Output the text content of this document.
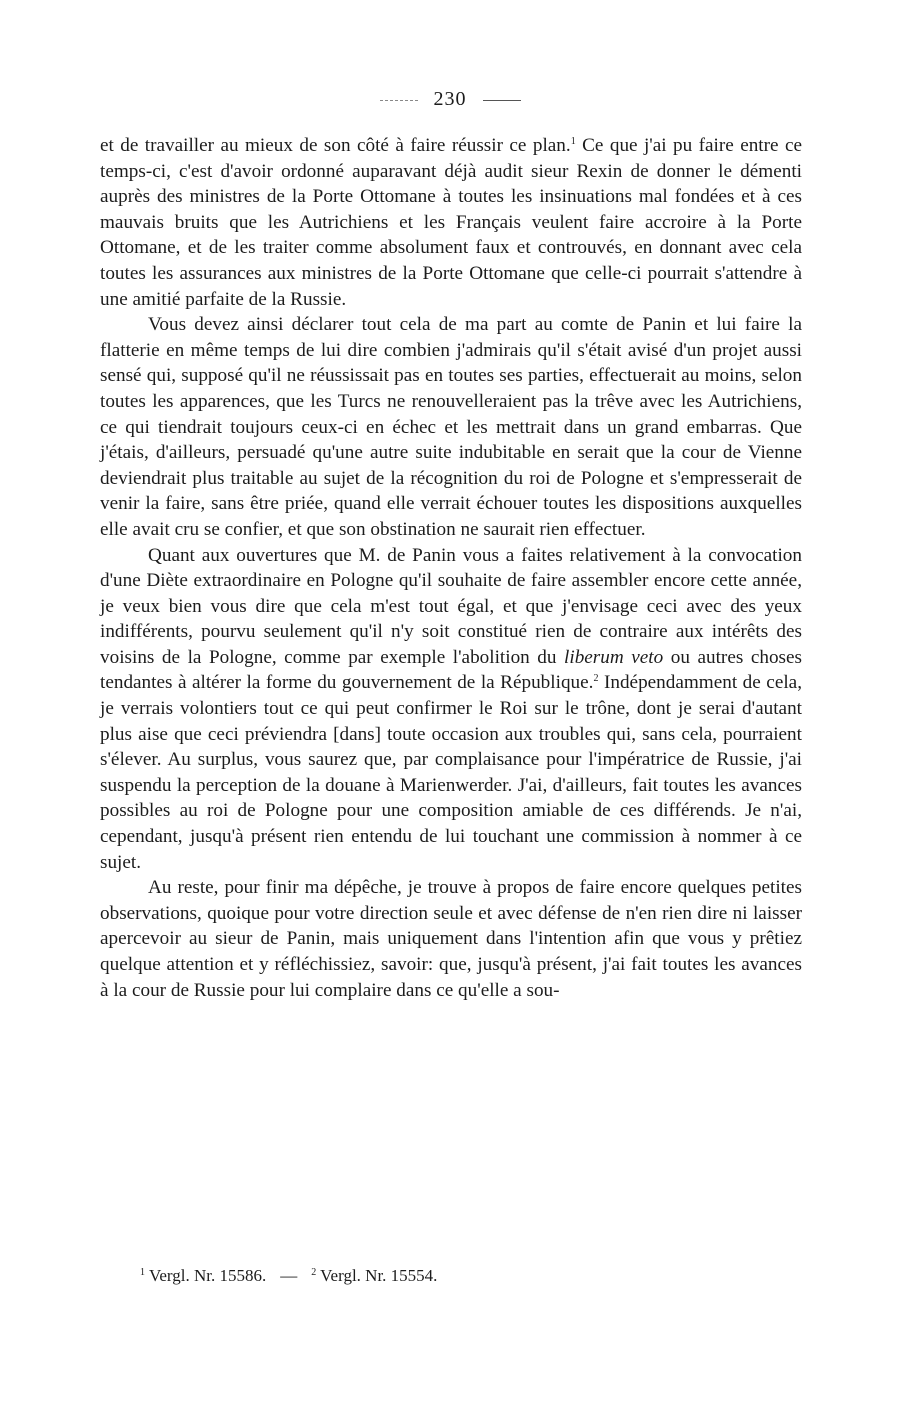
230

et de travailler au mieux de son côté à faire réussir ce plan.$^1$ Ce que j'ai pu faire entre ce temps-ci, c'est d'avoir ordonné auparavant déjà audit sieur Rexin de donner le démenti auprès des ministres de la Porte Ottomane à toutes les insinuations mal fondées et à ces mauvais bruits que les Autrichiens et les Français veulent faire accroire à la Porte Ottomane, et de les traiter comme absolument faux et controuvés, en donnant avec cela toutes les assurances aux ministres de la Porte Ottomane que celle-ci pourrait s'attendre à une amitié parfaite de la Russie.

Vous devez ainsi déclarer tout cela de ma part au comte de Panin et lui faire la flatterie en même temps de lui dire combien j'admirais qu'il s'était avisé d'un projet aussi sensé qui, supposé qu'il ne réussissait pas en toutes ses parties, effectuerait au moins, selon toutes les apparences, que les Turcs ne renouvelleraient pas la trêve avec les Autrichiens, ce qui tiendrait toujours ceux-ci en échec et les mettrait dans un grand embarras. Que j'étais, d'ailleurs, persuadé qu'une autre suite indubitable en serait que la cour de Vienne deviendrait plus traitable au sujet de la récognition du roi de Pologne et s'empresserait de venir la faire, sans être priée, quand elle verrait échouer toutes les dispositions auxquelles elle avait cru se confier, et que son obstination ne saurait rien effectuer.

Quant aux ouvertures que M. de Panin vous a faites relativement à la convocation d'une Diète extraordinaire en Pologne qu'il souhaite de faire assembler encore cette année, je veux bien vous dire que cela m'est tout égal, et que j'envisage ceci avec des yeux indifférents, pourvu seulement qu'il n'y soit constitué rien de contraire aux intérêts des voisins de la Pologne, comme par exemple l'abolition du liberum veto ou autres choses tendantes à altérer la forme du gouvernement de la République.$^2$ Indépendamment de cela, je verrais volontiers tout ce qui peut confirmer le Roi sur le trône, dont je serai d'autant plus aise que ceci préviendra [dans] toute occasion aux troubles qui, sans cela, pourraient s'élever. Au surplus, vous saurez que, par complaisance pour l'impératrice de Russie, j'ai suspendu la perception de la douane à Marienwerder. J'ai, d'ailleurs, fait toutes les avances possibles au roi de Pologne pour une composition amiable de ces différends. Je n'ai, cependant, jusqu'à présent rien entendu de lui touchant une commission à nommer à ce sujet.

Au reste, pour finir ma dépêche, je trouve à propos de faire encore quelques petites observations, quoique pour votre direction seule et avec défense de n'en rien dire ni laisser apercevoir au sieur de Panin, mais uniquement dans l'intention afin que vous y prêtiez quelque attention et y réfléchissiez, savoir: que, jusqu'à présent, j'ai fait toutes les avances à la cour de Russie pour lui complaire dans ce qu'elle a sou-

$^1$ Vergl. Nr. 15586. — $^2$ Vergl. Nr. 15554.
